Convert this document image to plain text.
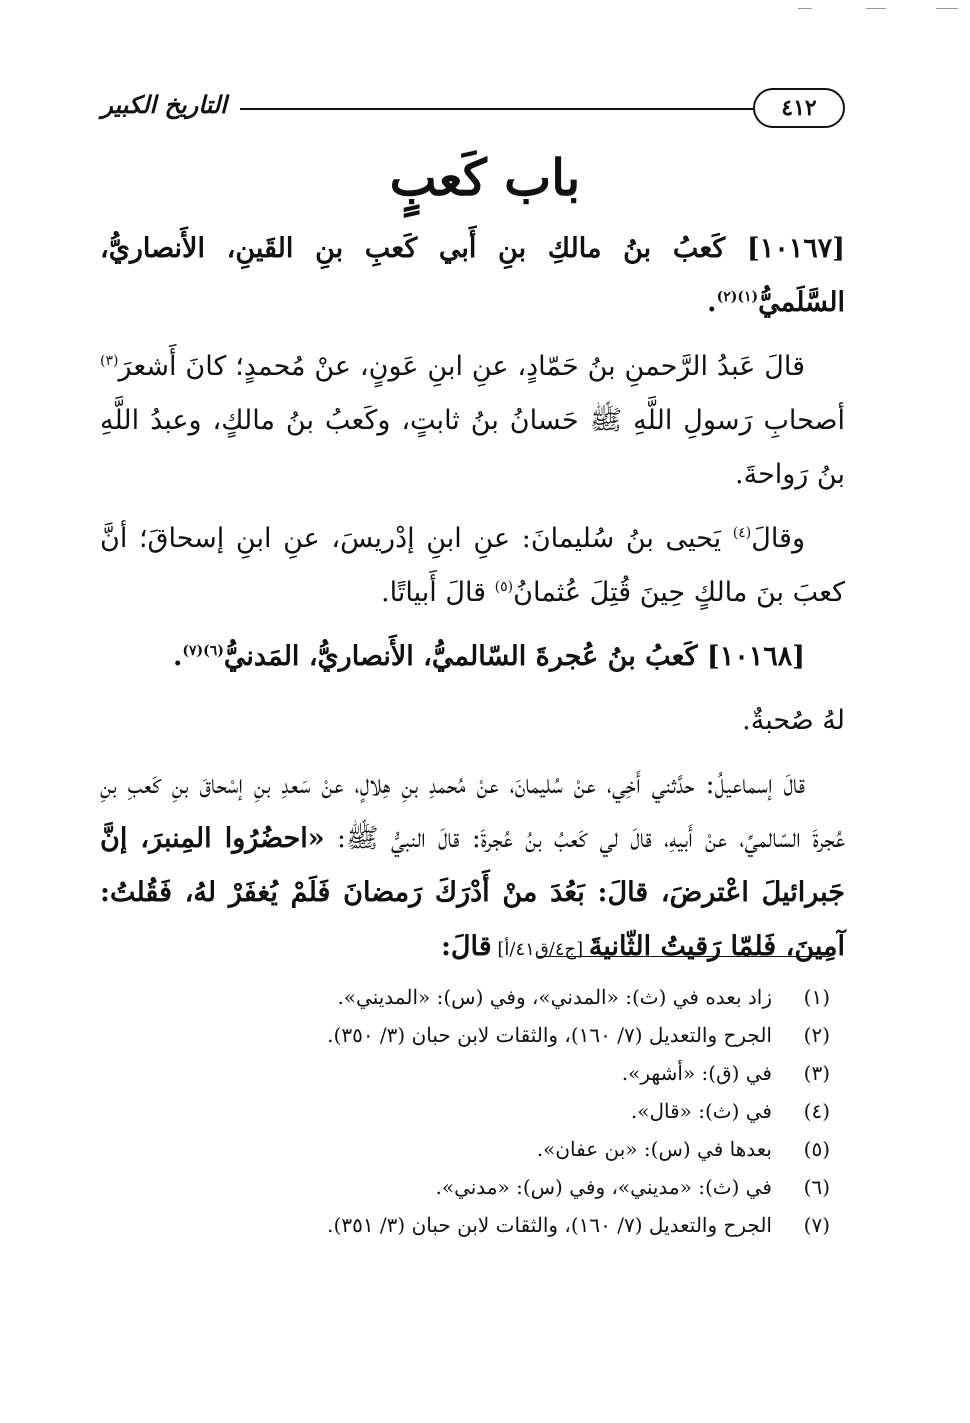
٤١٢
التاريخ الكبير
باب كَعبٍ

[١٠١٦٧] كَعبُ بنُ مالكِ بنِ أَبي كَعبِ بنِ القَينِ، الأَنصاريُّ، السَّلَميُّ$^{(١)(٢)}$.

قالَ عَبدُ الرَّحمنِ بنُ حَمّادٍ، عنِ ابنِ عَونٍ، عنْ مُحمدٍ؛ كانَ أَشعرَ$^{(٣)}$ أصحابِ رَسولِ اللَّهِ ﷺ حَسانُ بنُ ثابتٍ، وكَعبُ بنُ مالكٍ، وعبدُ اللَّهِ بنُ رَواحةَ.

وقالَ$^{(٤)}$ يَحيى بنُ سُليمانَ: عنِ ابنِ إدْريسَ، عنِ ابنِ إسحاقَ؛ أنَّ كعبَ بنَ مالكٍ حِينَ قُتِلَ عُثمانُ$^{(٥)}$ قالَ أَبياتًا.

[١٠١٦٨] كَعبُ بنُ عُجرةَ السّالميُّ، الأَنصاريُّ، المَدنيُّ$^{(٦)(٧)}$.

لهُ صُحبةٌ.

قالَ إسماعيلُ: حدَّثني أَخِي، عنْ سُليمانَ، عنْ مُحمدِ بنِ هِلالٍ، عنْ سَعدِ بنِ إسْحاقَ بنِ كَعبِ بنِ عُجرةَ السّالميِّ، عنْ أَبيهِ، قالَ لي كَعبُ بنُ عُجرةَ: قالَ النبيُّ ﷺ: «احضُرُوا المِنبرَ، إنَّ جَبرائيلَ اعْترضَ، قالَ: بَعُدَ منْ أَدْرَكَ رَمضانَ فَلَمْ يُغفَرْ لهُ، فَقُلتُ: آمِينَ، فَلمّا رَقيتُ الثّانيةَ [ج٤/ق٤١/أ] قالَ:

(١)
زاد بعده في (ث): «المدني»، وفي (س): «المديني».
(٢)
الجرح والتعديل (٧/ ١٦٠)، والثقات لابن حبان (٣/ ٣٥٠).
(٣)
في (ق): «أشهر».
(٤)
في (ث): «قال».
(٥)
بعدها في (س): «بن عفان».
(٦)
في (ث): «مديني»، وفي (س): «مدني».
(٧)
الجرح والتعديل (٧/ ١٦٠)، والثقات لابن حبان (٣/ ٣٥١).
